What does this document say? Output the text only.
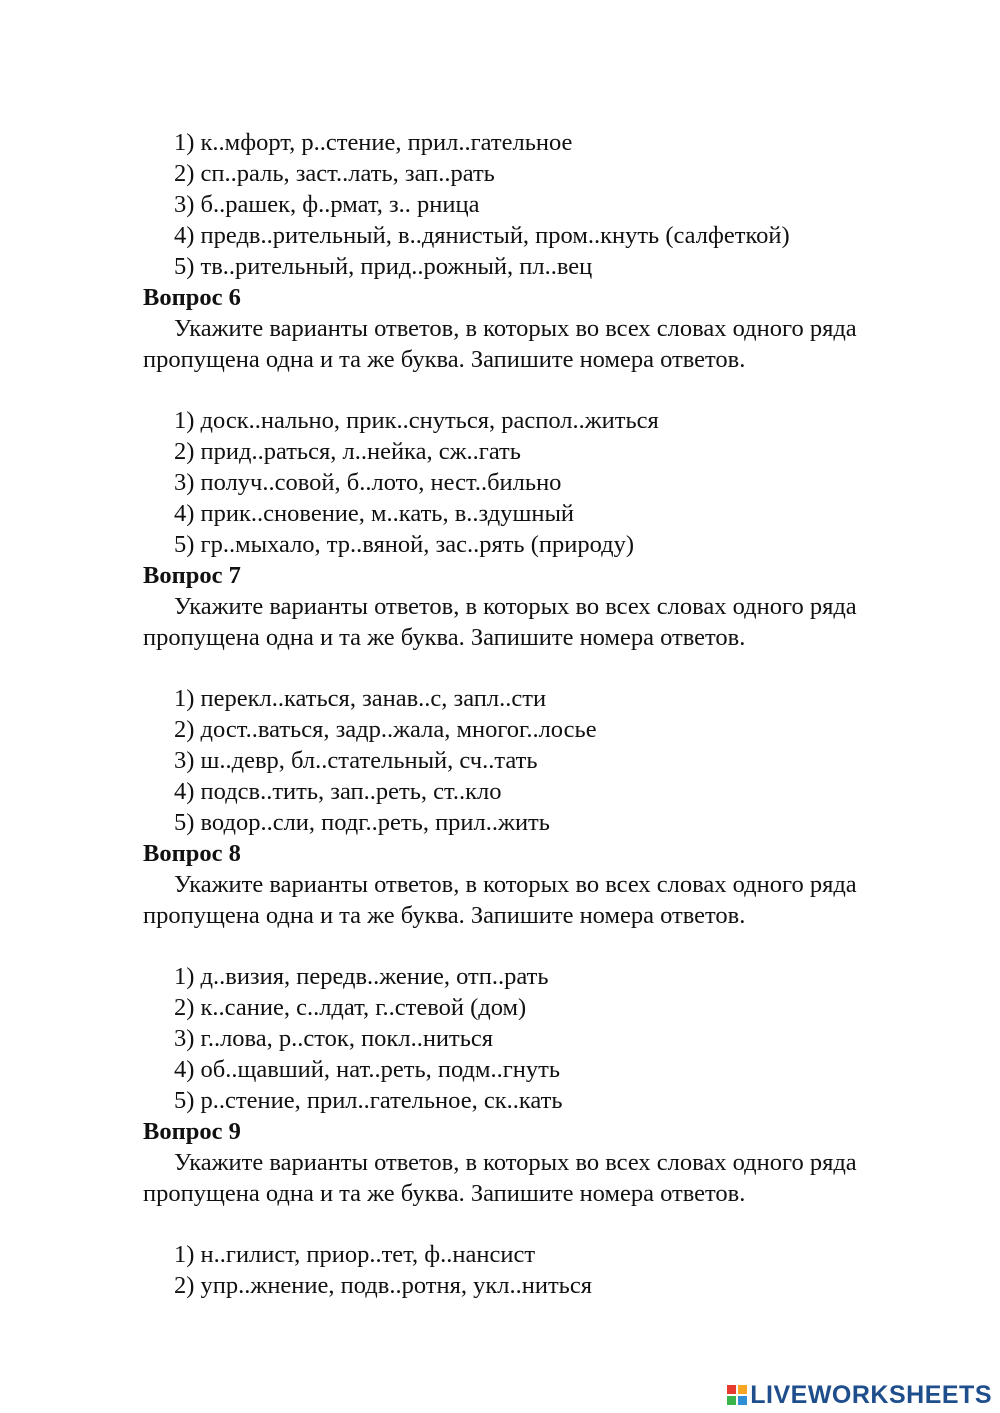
1) к..мфорт, р..стение, прил..гательное
2) сп..раль, заст..лать, зап..рать
3) б..рашек, ф..рмат, з.. рница
4) предв..рительный, в..дянистый, пром..кнуть (салфеткой)
5) тв..рительный, прид..рожный, пл..вец
Вопрос 6
Укажите варианты ответов, в которых во всех словах одного ряда пропущена одна и та же буква. Запишите номера ответов.
1) доск..нально, прик..снуться, распол..житься
2) прид..раться, л..нейка, сж..гать
3) получ..совой, б..лото, нест..бильно
4) прик..сновение, м..кать, в..здушный
5) гр..мыхало, тр..вяной, зас..рять (природу)
Вопрос 7
Укажите варианты ответов, в которых во всех словах одного ряда пропущена одна и та же буква. Запишите номера ответов.
1) перекл..каться, занав..с, запл..сти
2) дост..ваться, задр..жала, многог..лосье
3) ш..девр, бл..стательный, сч..тать
4) подсв..тить, зап..реть, ст..кло
5) водор..сли, подг..реть, прил..жить
Вопрос 8
Укажите варианты ответов, в которых во всех словах одного ряда пропущена одна и та же буква. Запишите номера ответов.
1) д..визия, передв..жение, отп..рать
2) к..сание, с..лдат, г..стевой (дом)
3) г..лова, р..сток, покл..ниться
4) об..щавший, нат..реть, подм..гнуть
5) р..стение, прил..гательное, ск..кать
Вопрос 9
Укажите варианты ответов, в которых во всех словах одного ряда пропущена одна и та же буква. Запишите номера ответов.
1) н..гилист, приор..тет, ф..нансист
2) упр..жнение, подв..ротня, укл..ниться
LIVEWORKSHEETS
